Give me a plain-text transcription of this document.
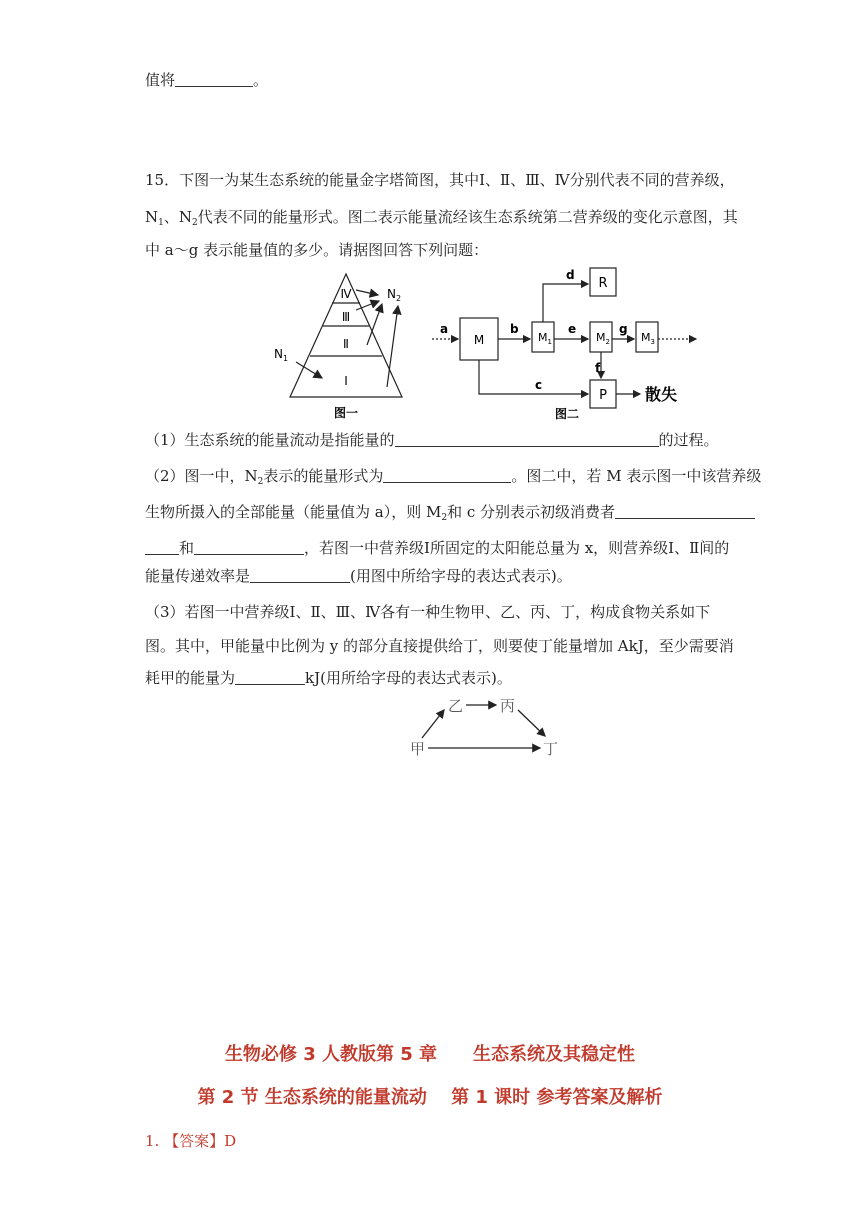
值将	。
15．下图一为某生态系统的能量金字塔简图，其中Ⅰ、Ⅱ、Ⅲ、Ⅳ分别代表不同的营养级，
$N_1$、$N_2$代表不同的能量形式。图二表示能量流经该生态系统第二营养级的变化示意图，其
中 a～g 表示能量值的多少。请据图回答下列问题：
Ⅳ
Ⅲ
Ⅱ
Ⅰ
$N_1$
$N_2$
图一
M	$M_1$	$M_2$	$M_3$
R
P
a	b
c
d
e
f
g
散失
图二
（1）生态系统的能量流动是指能量的	的过程。
（2）图一中，$N_2$表示的能量形式为	。图二中，若 M 表示图一中该营养级
生物所摄入的全部能量（能量值为 a），则 $M_2$和 c 分别表示初级消费者
和	，若图一中营养级Ⅰ所固定的太阳能总量为 x，则营养级Ⅰ、Ⅱ间的
能量传递效率是	(用图中所给字母的表达式表示)。
（3）若图一中营养级Ⅰ、Ⅱ、Ⅲ、Ⅳ各有一种生物甲、乙、丙、丁，构成食物关系如下
图。其中，甲能量中比例为 y 的部分直接提供给丁，则要使丁能量增加 AkJ，至少需要消
耗甲的能量为	kJ(用所给字母的表达式表示)。
甲
乙 丙
丁
生物必修 3 人教版第 5 章　　生态系统及其稳定性
第 2 节 生态系统的能量流动　 第 1 课时 参考答案及解析
1. 【答案】D
